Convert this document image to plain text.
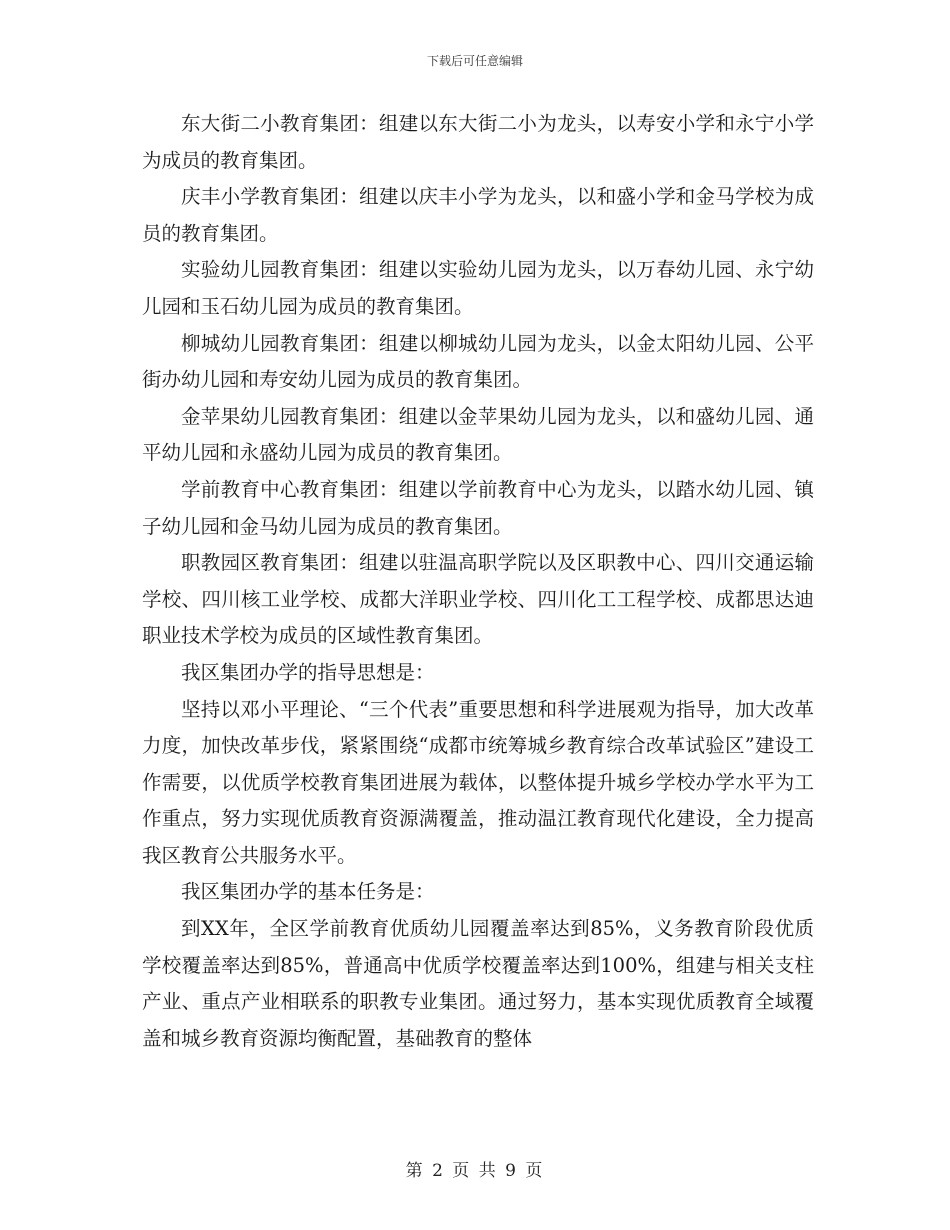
下载后可任意编辑

东大街二小教育集团：组建以东大街二小为龙头，以寿安小学和永宁小学为成员的教育集团。

庆丰小学教育集团：组建以庆丰小学为龙头，以和盛小学和金马学校为成员的教育集团。

实验幼儿园教育集团：组建以实验幼儿园为龙头，以万春幼儿园、永宁幼儿园和玉石幼儿园为成员的教育集团。

柳城幼儿园教育集团：组建以柳城幼儿园为龙头，以金太阳幼儿园、公平街办幼儿园和寿安幼儿园为成员的教育集团。

金苹果幼儿园教育集团：组建以金苹果幼儿园为龙头，以和盛幼儿园、通平幼儿园和永盛幼儿园为成员的教育集团。

学前教育中心教育集团：组建以学前教育中心为龙头，以踏水幼儿园、镇子幼儿园和金马幼儿园为成员的教育集团。

职教园区教育集团：组建以驻温高职学院以及区职教中心、四川交通运输学校、四川核工业学校、成都大洋职业学校、四川化工工程学校、成都思达迪职业技术学校为成员的区域性教育集团。

我区集团办学的指导思想是：

坚持以邓小平理论、“三个代表”重要思想和科学进展观为指导，加大改革力度，加快改革步伐，紧紧围绕“成都市统筹城乡教育综合改革试验区”建设工作需要，以优质学校教育集团进展为载体，以整体提升城乡学校办学水平为工作重点，努力实现优质教育资源满覆盖，推动温江教育现代化建设，全力提高我区教育公共服务水平。

我区集团办学的基本任务是：

到XX年，全区学前教育优质幼儿园覆盖率达到85%，义务教育阶段优质学校覆盖率达到85%，普通高中优质学校覆盖率达到100%，组建与相关支柱产业、重点产业相联系的职教专业集团。通过努力，基本实现优质教育全域覆盖和城乡教育资源均衡配置，基础教育的整体

第 2 页 共 9 页
